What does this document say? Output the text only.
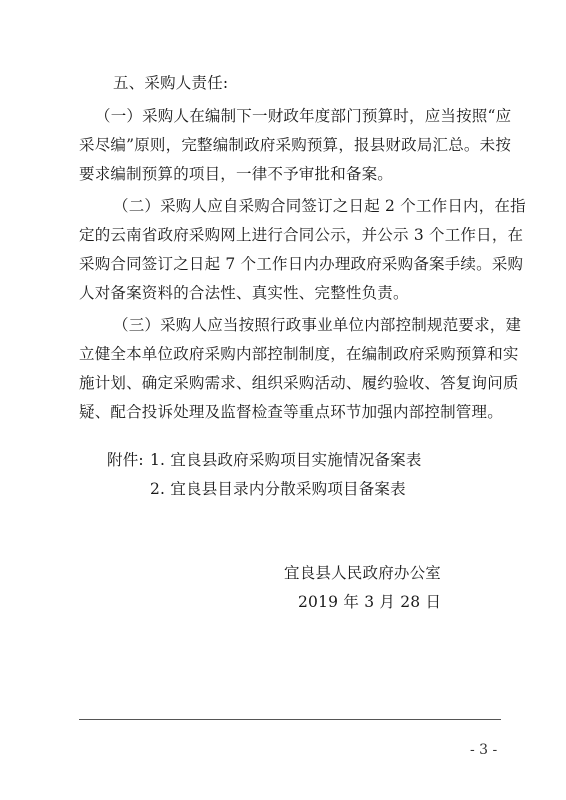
五、采购人责任:
（一）采购人在编制下一财政年度部门预算时，应当按照“应
采尽编”原则，完整编制政府采购预算，报县财政局汇总。未按
要求编制预算的项目，一律不予审批和备案。
（二）采购人应自采购合同签订之日起 2 个工作日内，在指
定的云南省政府采购网上进行合同公示，并公示 3 个工作日，在
采购合同签订之日起 7 个工作日内办理政府采购备案手续。采购
人对备案资料的合法性、真实性、完整性负责。
（三）采购人应当按照行政事业单位内部控制规范要求，建
立健全本单位政府采购内部控制制度，在编制政府采购预算和实
施计划、确定采购需求、组织采购活动、履约验收、答复询问质
疑、配合投诉处理及监督检查等重点环节加强内部控制管理。
附件: 1. 宜良县政府采购项目实施情况备案表
2. 宜良县目录内分散采购项目备案表
宜良县人民政府办公室
2019 年 3 月 28 日
- 3 -
